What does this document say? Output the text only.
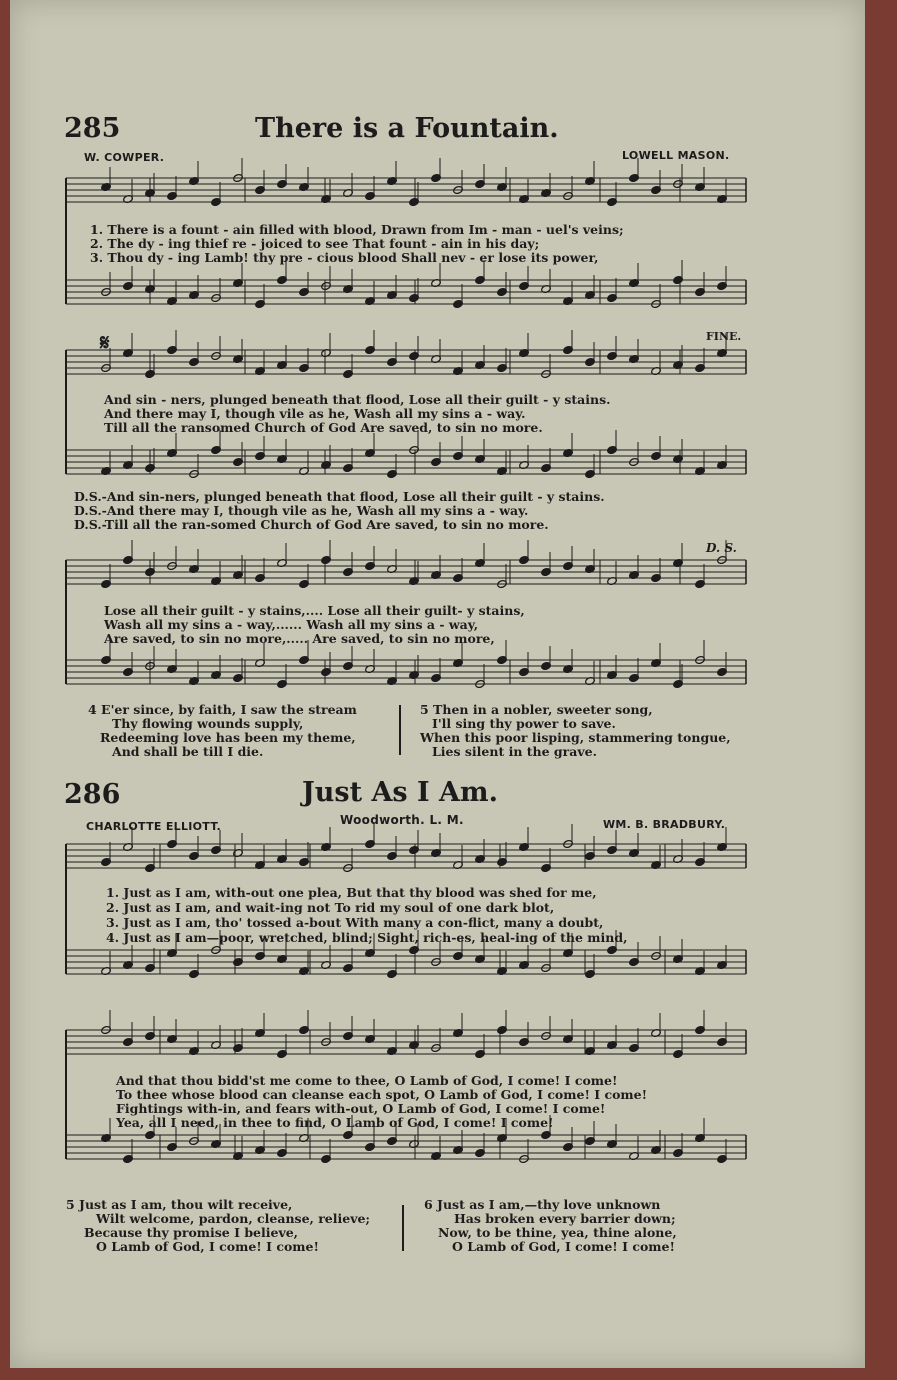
285	There is a Fountain.
W. COWPER.	LOWELL MASON.
1. There is a fount - ain filled with blood, Drawn from Im - man - uel's veins;
2. The dy - ing thief re - joiced to see That fount - ain in his day;
3. Thou dy - ing Lamb! thy pre - cious blood Shall nev - er lose its power,
𝄋	FINE.
And sin - ners, plunged beneath that flood, Lose all their guilt - y stains.
And there may I, though vile as he, Wash all my sins a - way.
Till all the ransomed Church of God Are saved, to sin no more.
D.S.-And sin-ners, plunged beneath that flood, Lose all their guilt - y stains.
D.S.-And there may I, though vile as he, Wash all my sins a - way.
D.S.-Till all the ran-somed Church of God Are saved, to sin no more.
D. S.
Lose all their guilt - y stains,.... Lose all their guilt- y stains,
Wash all my sins a - way,...... Wash all my sins a - way,
Are saved, to sin no more,..... Are saved, to sin no more,
4 E'er since, by faith, I saw the stream
Thy flowing wounds supply,
Redeeming love has been my theme,
And shall be till I die.
5 Then in a nobler, sweeter song,
I'll sing thy power to save.
When this poor lisping, stammering tongue,
Lies silent in the grave.
286	Just As I Am.
CHARLOTTE ELLIOTT.	Woodworth. L. M.	WM. B. BRADBURY.
1. Just as I am, with-out one plea, But that thy blood was shed for me,
2. Just as I am, and wait-ing not To rid my soul of one dark blot,
3. Just as I am, tho' tossed a-bout With many a con-flict, many a doubt,
4. Just as I am—poor, wretched, blind; Sight, rich-es, heal-ing of the mind,
And that thou bidd'st me come to thee, O Lamb of God, I come! I come!
To thee whose blood can cleanse each spot, O Lamb of God, I come! I come!
Fightings with-in, and fears with-out, O Lamb of God, I come! I come!
Yea, all I need, in thee to find, O Lamb of God, I come! I come!
5 Just as I am, thou wilt receive,
Wilt welcome, pardon, cleanse, relieve;
Because thy promise I believe,
O Lamb of God, I come! I come!
6 Just as I am,—thy love unknown
Has broken every barrier down;
Now, to be thine, yea, thine alone,
O Lamb of God, I come! I come!
